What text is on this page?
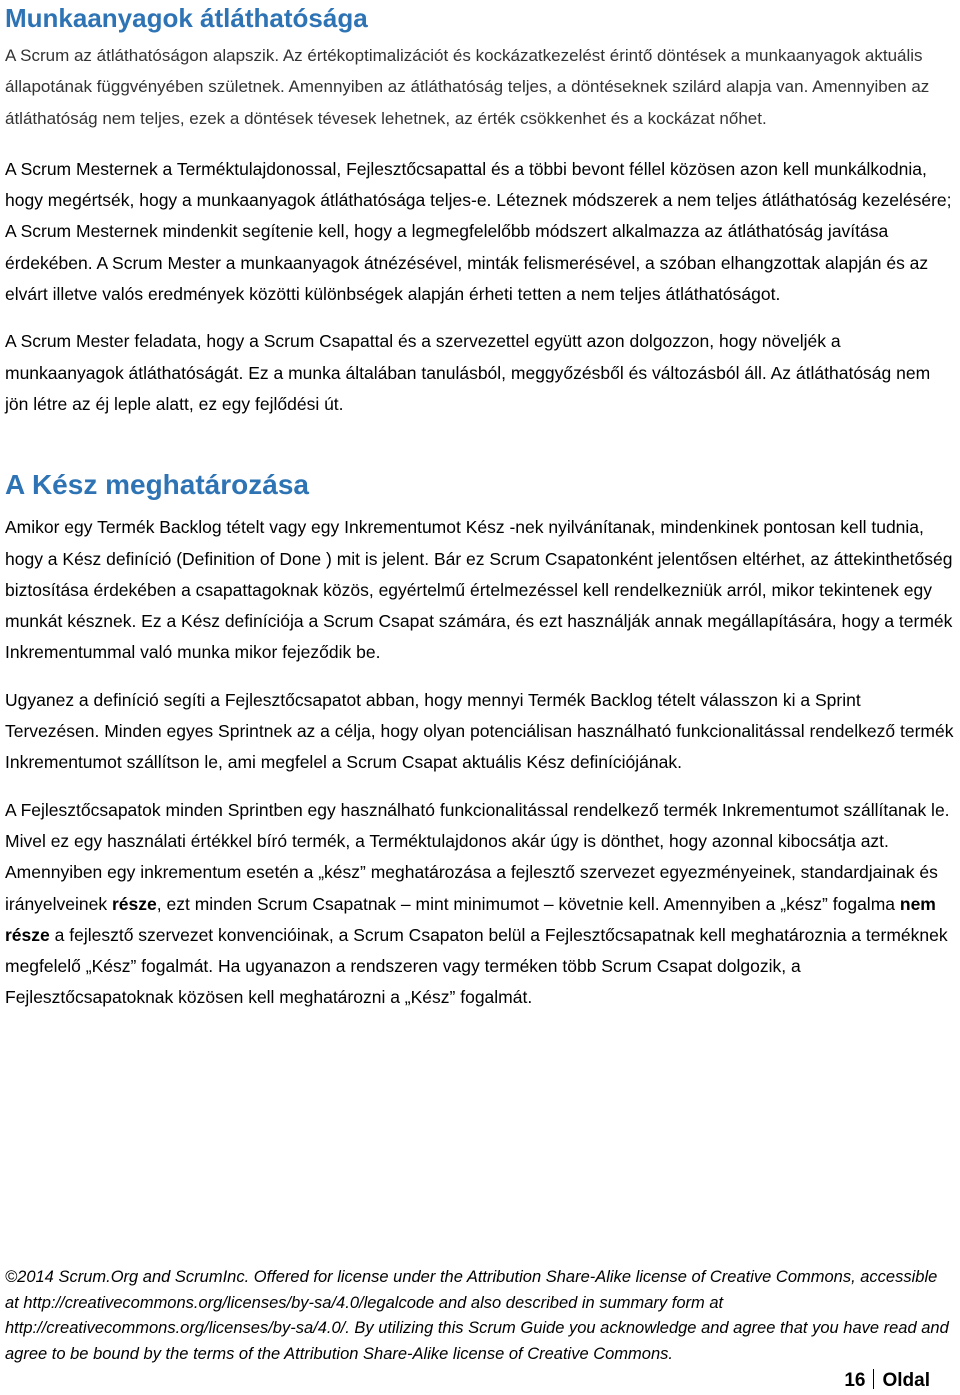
Munkaanyagok átláthatósága

A Scrum az átláthatóságon alapszik. Az értékoptimalizációt és kockázatkezelést érintő döntések a munkaanyagok aktuális állapotának függvényében születnek. Amennyiben az átláthatóság teljes, a döntéseknek szilárd alapja van. Amennyiben az átláthatóság nem teljes, ezek a döntések tévesek lehetnek, az érték csökkenhet és a kockázat nőhet.

A Scrum Mesternek a Terméktulajdonossal, Fejlesztőcsapattal és a többi bevont féllel közösen azon kell munkálkodnia, hogy megértsék, hogy a munkaanyagok átláthatósága teljes-e. Léteznek módszerek a nem teljes átláthatóság kezelésére; A Scrum Mesternek mindenkit segítenie kell, hogy a legmegfelelőbb módszert alkalmazza az átláthatóság javítása érdekében. A Scrum Mester a munkaanyagok átnézésével, minták felismerésével, a szóban elhangzottak alapján és az elvárt illetve valós eredmények közötti különbségek alapján érheti tetten a nem teljes átláthatóságot.

A Scrum Mester feladata, hogy a Scrum Csapattal és a szervezettel együtt azon dolgozzon, hogy növeljék a munkaanyagok átláthatóságát. Ez a munka általában tanulásból, meggyőzésből és változásból áll. Az átláthatóság nem jön létre az éj leple alatt, ez egy fejlődési út.

A Kész meghatározása

Amikor egy Termék Backlog tételt vagy egy Inkrementumot Kész -nek nyilvánítanak, mindenkinek pontosan kell tudnia, hogy a Kész definíció (Definition of Done ) mit is jelent. Bár ez Scrum Csapatonként jelentősen eltérhet, az áttekinthetőség biztosítása érdekében a csapattagoknak közös, egyértelmű értelmezéssel kell rendelkezniük arról, mikor tekintenek egy munkát késznek. Ez a Kész definíciója a Scrum Csapat számára, és ezt használják annak megállapítására, hogy a termék Inkrementummal való munka mikor fejeződik be.

Ugyanez a definíció segíti a Fejlesztőcsapatot abban, hogy mennyi Termék Backlog tételt válasszon ki a Sprint Tervezésen. Minden egyes Sprintnek az a célja, hogy olyan potenciálisan használható funkcionalitással rendelkező termék Inkrementumot szállítson le, ami megfelel a Scrum Csapat aktuális Kész definíciójának.

A Fejlesztőcsapatok minden Sprintben egy használható funkcionalitással rendelkező termék Inkrementumot szállítanak le. Mivel ez egy használati értékkel bíró termék, a Terméktulajdonos akár úgy is dönthet, hogy azonnal kibocsátja azt. Amennyiben egy inkrementum esetén a „kész” meghatározása a fejlesztő szervezet egyezményeinek, standardjainak és irányelveinek része, ezt minden Scrum Csapatnak – mint minimumot – követnie kell. Amennyiben a „kész” fogalma nem része a fejlesztő szervezet konvencióinak, a Scrum Csapaton belül a Fejlesztőcsapatnak kell meghatároznia a terméknek megfelelő „Kész” fogalmát. Ha ugyanazon a rendszeren vagy terméken több Scrum Csapat dolgozik, a Fejlesztőcsapatoknak közösen kell meghatározni a „Kész” fogalmát.

©2014 Scrum.Org and ScrumInc. Offered for license under the Attribution Share-Alike license of Creative Commons, accessible at http://creativecommons.org/licenses/by-sa/4.0/legalcode and also described in summary form at http://creativecommons.org/licenses/by-sa/4.0/. By utilizing this Scrum Guide you acknowledge and agree that you have read and agree to be bound by the terms of the Attribution Share-Alike license of Creative Commons.
16 Oldal
